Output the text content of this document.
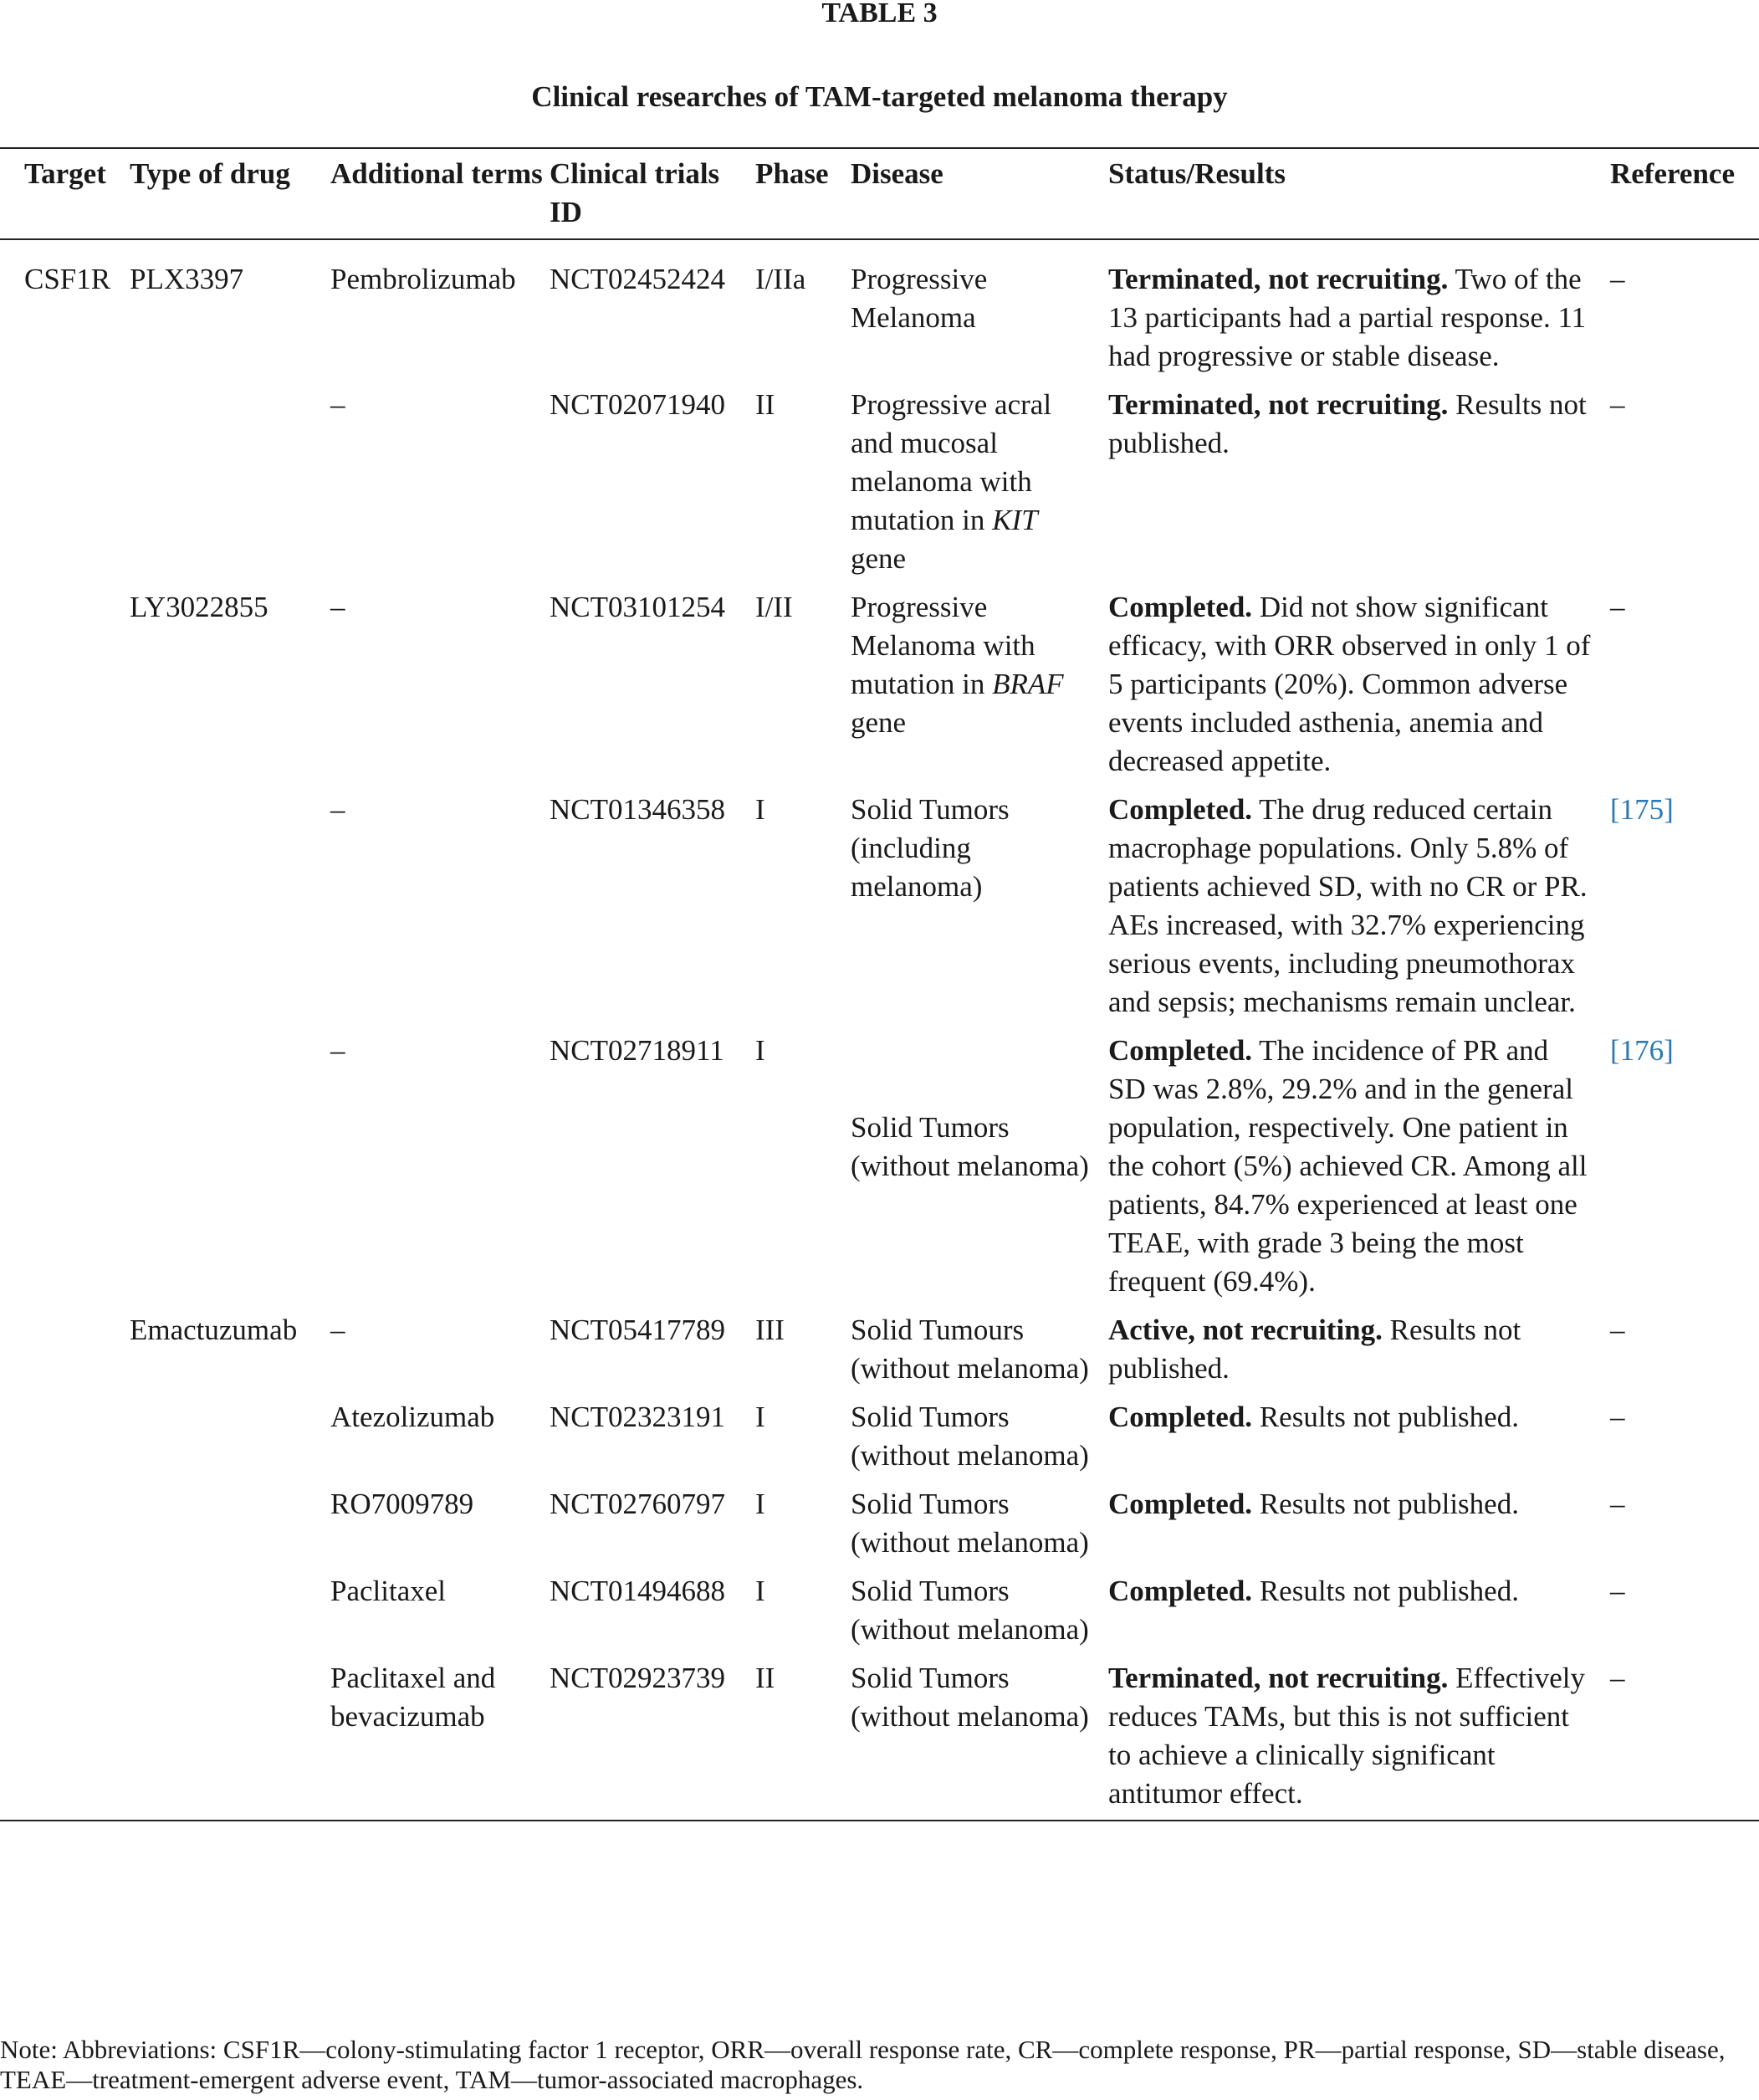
TABLE 3
Clinical researches of TAM-targeted melanoma therapy
Target	Type of drug	Additional terms	Clinical trials ID	Phase	Disease	Status/Results	Reference
CSF1R	PLX3397	Pembrolizumab	NCT02452424	I/IIa	Progressive Melanoma	Terminated, not recruiting. Two of the 13 participants had a partial response. 11 had progressive or stable disease.	–
		–	NCT02071940	II	Progressive acral and mucosal melanoma with mutation in KIT gene	Terminated, not recruiting. Results not published.	–
	LY3022855	–	NCT03101254	I/II	Progressive Melanoma with mutation in BRAF gene	Completed. Did not show significant efficacy, with ORR observed in only 1 of 5 participants (20%). Common adverse events included asthenia, anemia and decreased appetite.	–
		–	NCT01346358	I	Solid Tumors (including melanoma)	Completed. The drug reduced certain macrophage populations. Only 5.8% of patients achieved SD, with no CR or PR. AEs increased, with 32.7% experiencing serious events, including pneumothorax and sepsis; mechanisms remain unclear.	[175]
		–	NCT02718911	I	Solid Tumors (without melanoma)	Completed. The incidence of PR and SD was 2.8%, 29.2% and in the general population, respectively. One patient in the cohort (5%) achieved CR. Among all patients, 84.7% experienced at least one TEAE, with grade 3 being the most frequent (69.4%).	[176]
	Emactuzumab	–	NCT05417789	III	Solid Tumours (without melanoma)	Active, not recruiting. Results not published.	–
		Atezolizumab	NCT02323191	I	Solid Tumors (without melanoma)	Completed. Results not published.	–
		RO7009789	NCT02760797	I	Solid Tumors (without melanoma)	Completed. Results not published.	–
		Paclitaxel	NCT01494688	I	Solid Tumors (without melanoma)	Completed. Results not published.	–
		Paclitaxel and bevacizumab	NCT02923739	II	Solid Tumors (without melanoma)	Terminated, not recruiting. Effectively reduces TAMs, but this is not sufficient to achieve a clinically significant antitumor effect.	–
Note: Abbreviations: CSF1R—colony-stimulating factor 1 receptor, ORR—overall response rate, CR—complete response, PR—partial response, SD—stable disease, TEAE—treatment-emergent adverse event, TAM—tumor-associated macrophages.
